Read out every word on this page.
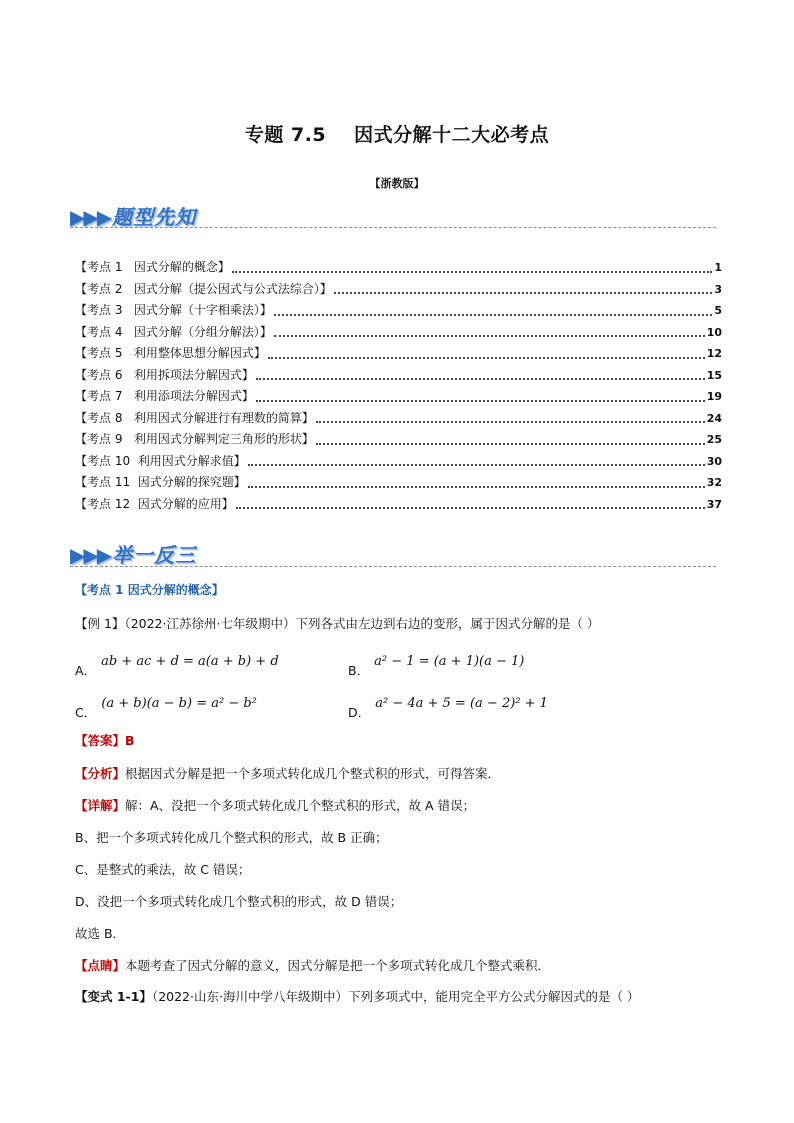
专题 7.5 因式分解十二大必考点
【浙教版】
▶▶▶ 题型先知
【考点 1   因式分解的概念】	1
【考点 2   因式分解（提公因式与公式法综合）】	3
【考点 3   因式分解（十字相乘法）】	5
【考点 4   因式分解（分组分解法）】	10
【考点 5   利用整体思想分解因式】	12
【考点 6   利用拆项法分解因式】	15
【考点 7   利用添项法分解因式】	19
【考点 8   利用因式分解进行有理数的简算】	24
【考点 9   利用因式分解判定三角形的形状】	25
【考点 10  利用因式分解求值】	30
【考点 11  因式分解的探究题】	32
【考点 12  因式分解的应用】	37
▶▶▶ 举一反三
【考点 1 因式分解的概念】
【例 1】（2022·江苏徐州·七年级期中）下列各式由左边到右边的变形，属于因式分解的是（ ）
$_{A.}$ ab + ac + d = a(a + b) + d
$_{B.}$ a² − 1 = (a + 1)(a − 1)
$_{C.}$ (a + b)(a − b) = a² − b²
$_{D.}$ a² − 4a + 5 = (a − 2)² + 1
【答案】B
【分析】根据因式分解是把一个多项式转化成几个整式积的形式，可得答案．
【详解】解：A、没把一个多项式转化成几个整式积的形式，故 A 错误；
B、把一个多项式转化成几个整式积的形式，故 B 正确；
C、是整式的乘法，故 C 错误；
D、没把一个多项式转化成几个整式积的形式，故 D 错误；
故选 B．
【点睛】本题考查了因式分解的意义，因式分解是把一个多项式转化成几个整式乘积．
【变式 1-1】（2022·山东·海川中学八年级期中）下列多项式中，能用完全平方公式分解因式的是（ ）
